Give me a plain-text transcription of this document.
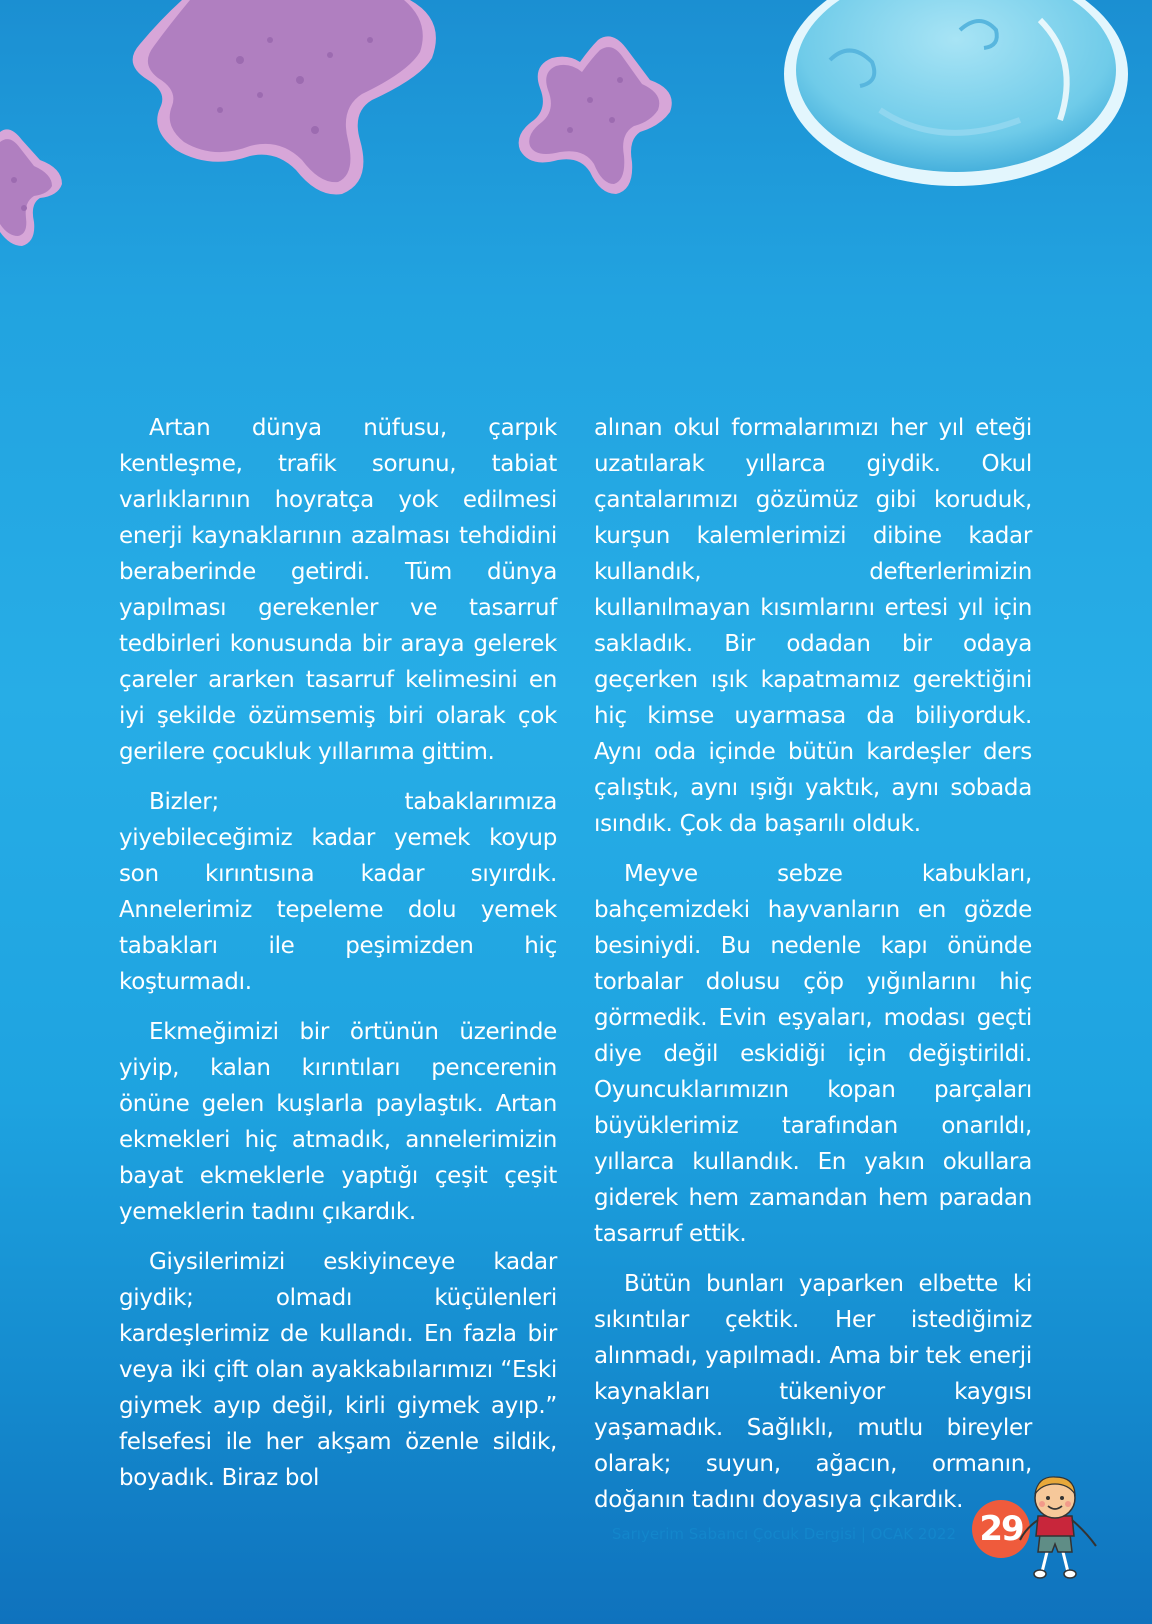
Artan dünya nüfusu, çarpık kentleşme, trafik sorunu, tabiat varlıklarının hoyratça yok edilmesi enerji kaynaklarının azalması tehdidini beraberinde getirdi. Tüm dünya yapılması gerekenler ve tasarruf tedbirleri konusunda bir araya gelerek çareler ararken tasarruf kelimesini en iyi şekilde özümsemiş biri olarak çok gerilere çocukluk yıllarıma gittim.

Bizler; tabaklarımıza yiyebileceğimiz kadar yemek koyup son kırıntısına kadar sıyırdık. Annelerimiz tepeleme dolu yemek tabakları ile peşimizden hiç koşturmadı.

Ekmeğimizi bir örtünün üzerinde yiyip, kalan kırıntıları pencerenin önüne gelen kuşlarla paylaştık. Artan ekmekleri hiç atmadık, annelerimizin bayat ekmeklerle yaptığı çeşit çeşit yemeklerin tadını çıkardık.

Giysilerimizi eskiyinceye kadar giydik; olmadı küçülenleri kardeşlerimiz de kullandı. En fazla bir veya iki çift olan ayakkabılarımızı “Eski giymek ayıp değil, kirli giymek ayıp.” felsefesi ile her akşam özenle sildik, boyadık. Biraz bol

alınan okul formalarımızı her yıl eteği uzatılarak yıllarca giydik. Okul çantalarımızı gözümüz gibi koruduk, kurşun kalemlerimizi dibine kadar kullandık, defterlerimizin kullanılmayan kısımlarını ertesi yıl için sakladık. Bir odadan bir odaya geçerken ışık kapatmamız gerektiğini hiç kimse uyarmasa da biliyorduk. Aynı oda içinde bütün kardeşler ders çalıştık, aynı ışığı yaktık, aynı sobada ısındık. Çok da başarılı olduk.

Meyve sebze kabukları, bahçemizdeki hayvanların en gözde besiniydi. Bu nedenle kapı önünde torbalar dolusu çöp yığınlarını hiç görmedik. Evin eşyaları, modası geçti diye değil eskidiği için değiştirildi. Oyuncuklarımızın kopan parçaları büyüklerimiz tarafından onarıldı, yıllarca kullandık. En yakın okullara giderek hem zamandan hem paradan tasarruf ettik.

Bütün bunları yaparken elbette ki sıkıntılar çektik. Her istediğimiz alınmadı, yapılmadı. Ama bir tek enerji kaynakları tükeniyor kaygısı yaşamadık. Sağlıklı, mutlu bireyler olarak; suyun, ağacın, ormanın, doğanın tadını doyasıya çıkardık.

Sarıyerim Sabancı Çocuk Dergisi | OCAK 2022 29
